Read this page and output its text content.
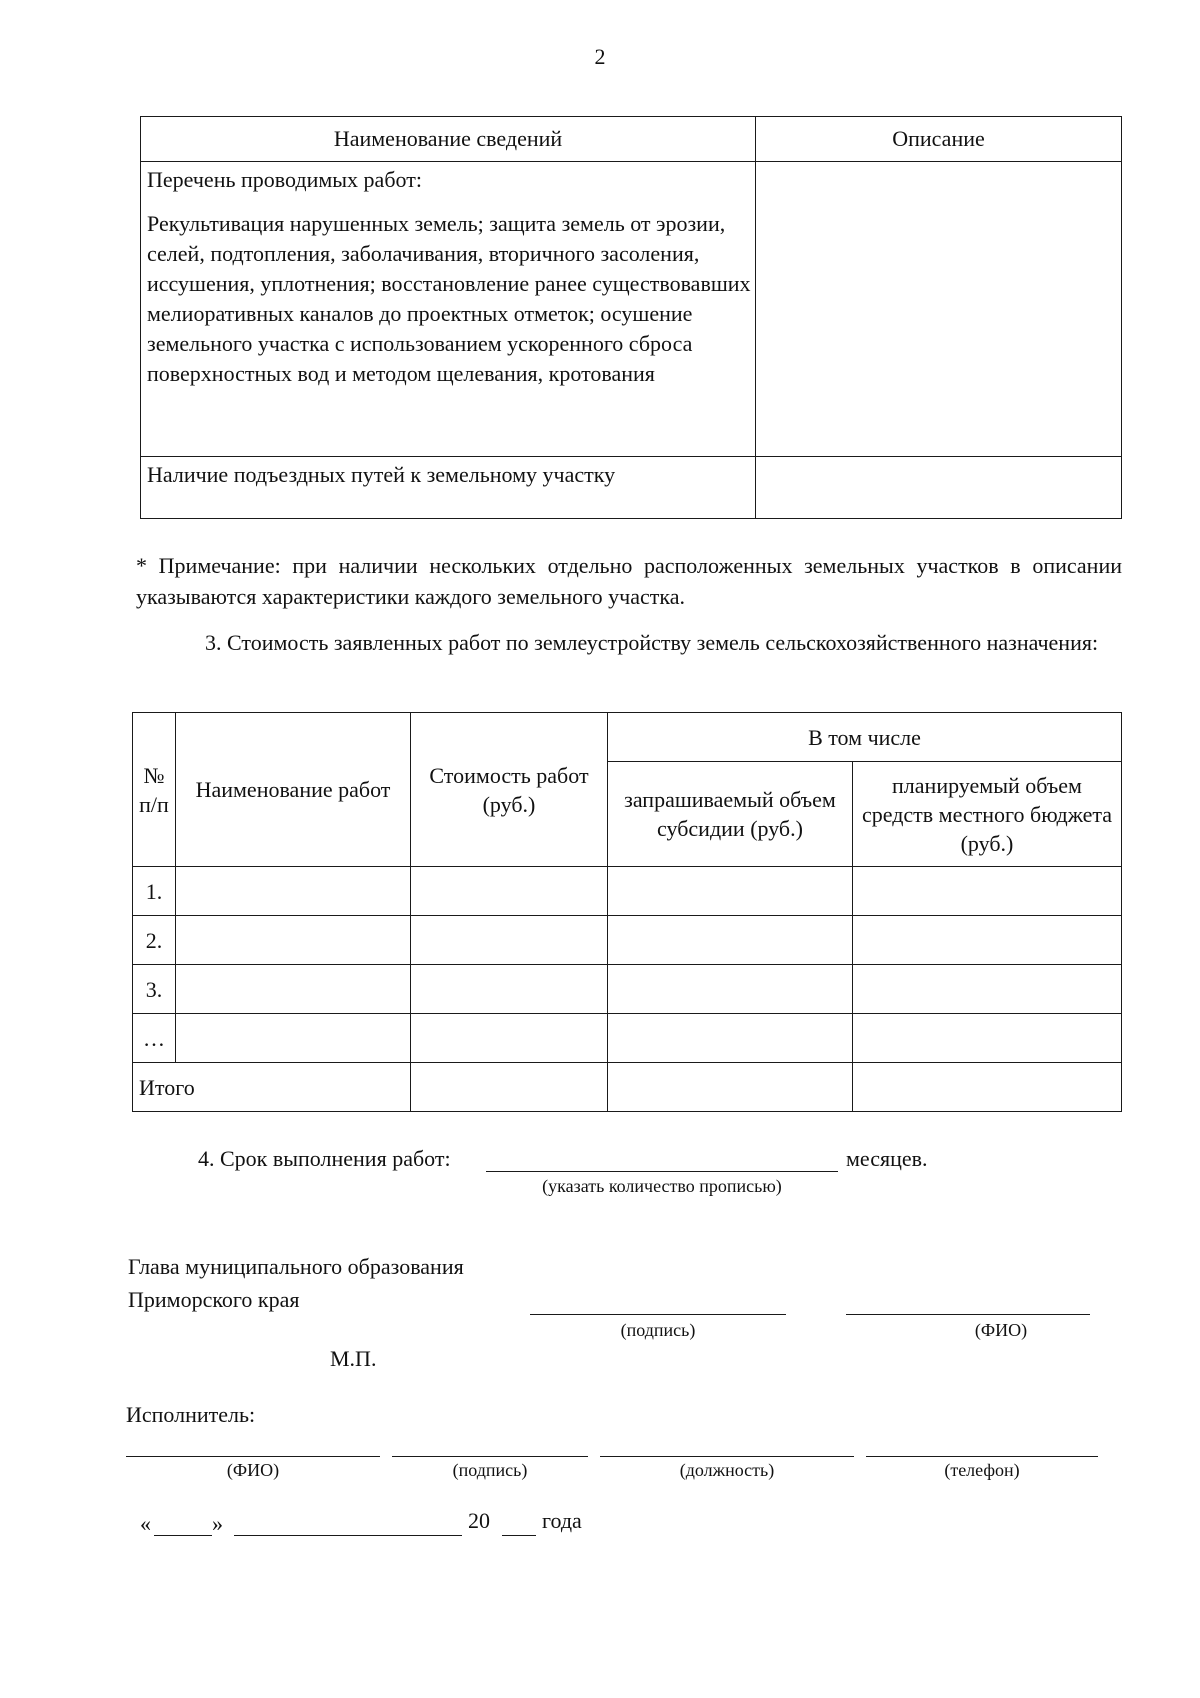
2
Наименование сведений	Описание

Перечень проводимых работ:
Рекультивация нарушенных земель; защита земель от эрозии, селей, подтопления, заболачивания, вторичного засоления, иссушения, уплотнения; восстановление ранее существовавших мелиоративных каналов до проектных отметок; осушение земельного участка с использованием ускоренного сброса поверхностных вод и методом щелевания, кротования	

Наличие подъездных путей к земельному участку	
* Примечание: при наличии нескольких отдельно расположенных земельных участков в описании указываются характеристики каждого земельного участка.
3. Стоимость заявленных работ по землеустройству земель сельскохозяйственного назначения:
№ п/п	Наименование работ	Стоимость работ (руб.)	В том числе	
			запрашиваемый объем субсидии (руб.)	планируемый объем средств местного бюджета (руб.)
1.				
2.				
3.				
…				
Итого				
4. Срок выполнения работ:	месяцев.
(указать количество прописью)
Глава муниципального образования
Приморского края
(подпись)	(ФИО)
М.П.
Исполнитель:
(ФИО)	(подпись)	(должность)	(телефон)
«	»	20 года
